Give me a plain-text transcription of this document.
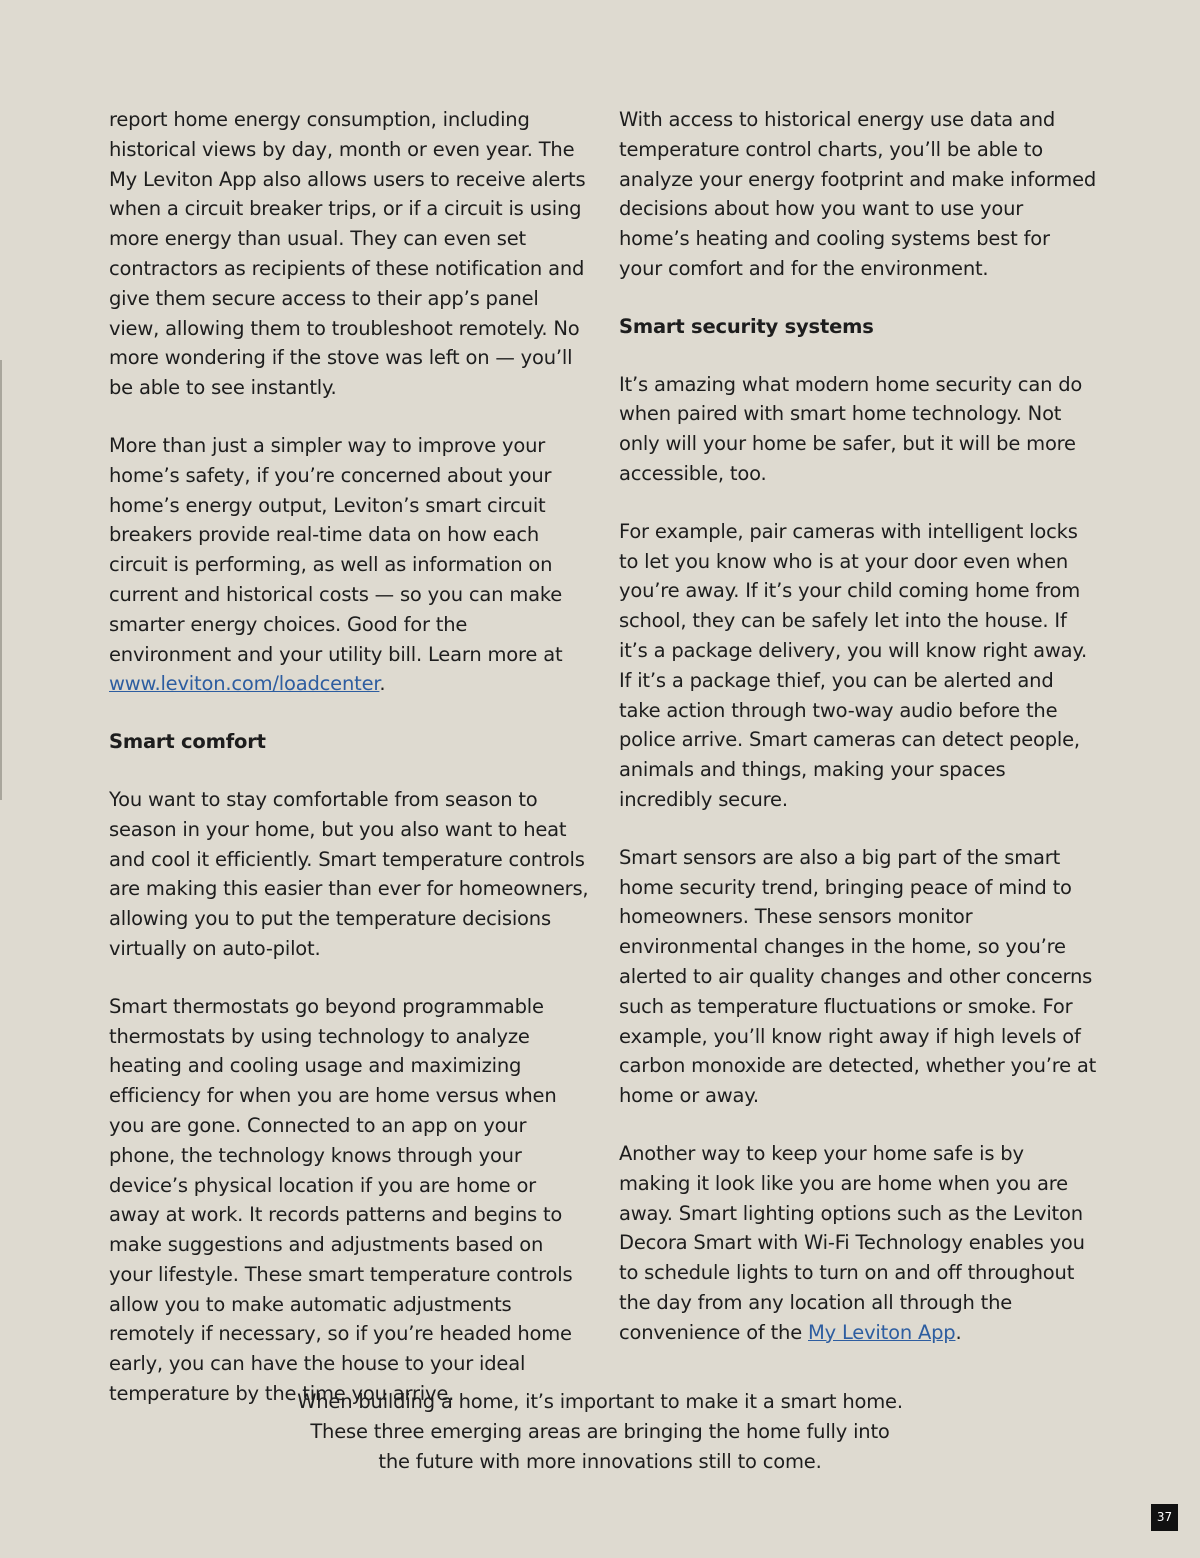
report home energy consumption, including historical views by day, month or even year. The My Leviton App also allows users to receive alerts when a circuit breaker trips, or if a circuit is using more energy than usual. They can even set contractors as recipients of these notification and give them secure access to their app’s panel view, allowing them to troubleshoot remotely. No more wondering if the stove was left on — you’ll be able to see instantly.

More than just a simpler way to improve your home’s safety, if you’re concerned about your home’s energy output, Leviton’s smart circuit breakers provide real-time data on how each circuit is performing, as well as information on current and historical costs — so you can make smarter energy choices. Good for the environment and your utility bill. Learn more at www.leviton.com/loadcenter.

Smart comfort

You want to stay comfortable from season to season in your home, but you also want to heat and cool it efficiently. Smart temperature controls are making this easier than ever for homeowners, allowing you to put the temperature decisions virtually on auto-pilot.

Smart thermostats go beyond programmable thermostats by using technology to analyze heating and cooling usage and maximizing efficiency for when you are home versus when you are gone. Connected to an app on your phone, the technology knows through your device’s physical location if you are home or away at work. It records patterns and begins to make suggestions and adjustments based on your lifestyle. These smart temperature controls allow you to make automatic adjustments remotely if necessary, so if you’re headed home early, you can have the house to your ideal temperature by the time you arrive.

With access to historical energy use data and temperature control charts, you’ll be able to analyze your energy footprint and make informed decisions about how you want to use your home’s heating and cooling systems best for your comfort and for the environment.

Smart security systems

It’s amazing what modern home security can do when paired with smart home technology. Not only will your home be safer, but it will be more accessible, too.

For example, pair cameras with intelligent locks to let you know who is at your door even when you’re away. If it’s your child coming home from school, they can be safely let into the house. If it’s a package delivery, you will know right away. If it’s a package thief, you can be alerted and take action through two-way audio before the police arrive. Smart cameras can detect people, animals and things, making your spaces incredibly secure.

Smart sensors are also a big part of the smart home security trend, bringing peace of mind to homeowners. These sensors monitor environmental changes in the home, so you’re alerted to air quality changes and other concerns such as temperature fluctuations or smoke. For example, you’ll know right away if high levels of carbon monoxide are detected, whether you’re at home or away.

Another way to keep your home safe is by making it look like you are home when you are away. Smart lighting options such as the Leviton Decora Smart with Wi-Fi Technology enables you to schedule lights to turn on and off throughout the day from any location all through the convenience of the My Leviton App.

When building a home, it’s important to make it a smart home.
These three emerging areas are bringing the home fully into
the future with more innovations still to come.
37
